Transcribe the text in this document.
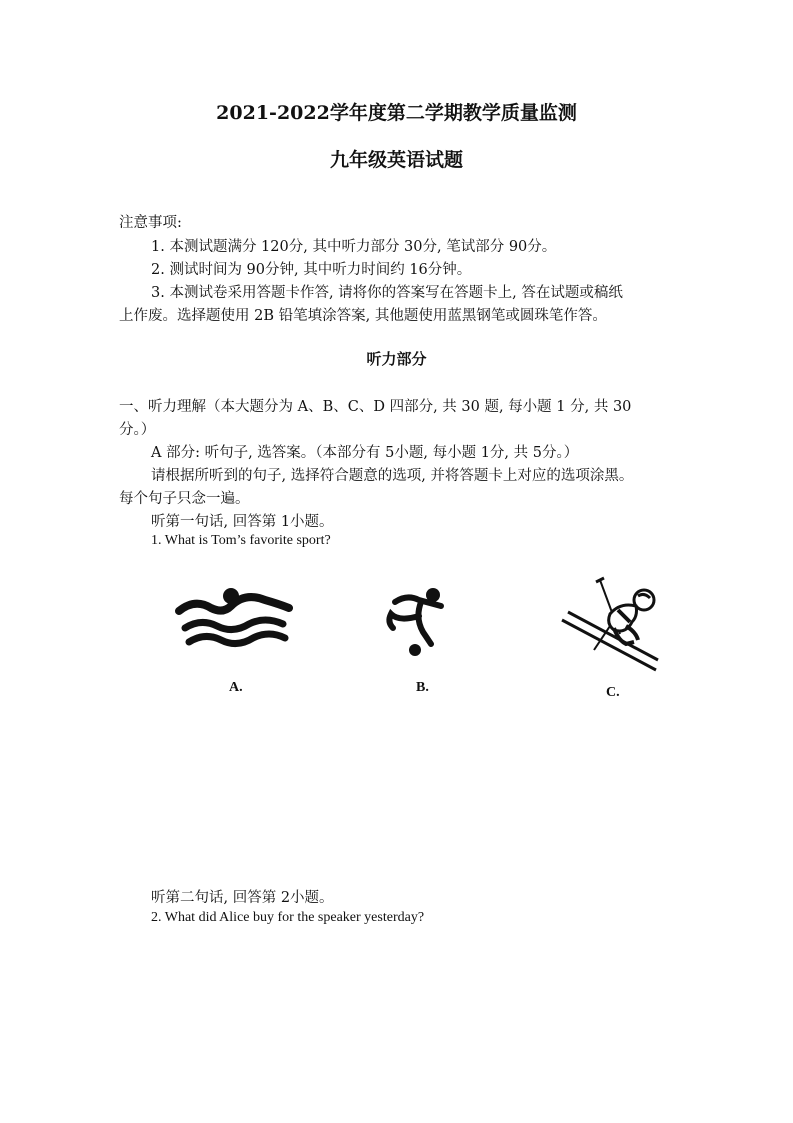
2021-2022学年度第二学期教学质量监测
九年级英语试题
注意事项:
1. 本测试题满分 120分, 其中听力部分 30分, 笔试部分 90分。
2. 测试时间为 90分钟, 其中听力时间约 16分钟。
3. 本测试卷采用答题卡作答, 请将你的答案写在答题卡上, 答在试题或稿纸
上作废。选择题使用 2B 铅笔填涂答案, 其他题使用蓝黑钢笔或圆珠笔作答。
听力部分
一、听力理解（本大题分为 A、B、C、D 四部分, 共 30 题, 每小题 1 分, 共 30
分。）
A 部分: 听句子, 选答案。（本部分有 5小题, 每小题 1分, 共 5分。）
请根据所听到的句子, 选择符合题意的选项, 并将答题卡上对应的选项涂黑。
每个句子只念一遍。
听第一句话, 回答第 1小题。
1. What is Tom’s favorite sport?
A.	B.	C.
听第二句话, 回答第 2小题。
2. What did Alice buy for the speaker yesterday?
